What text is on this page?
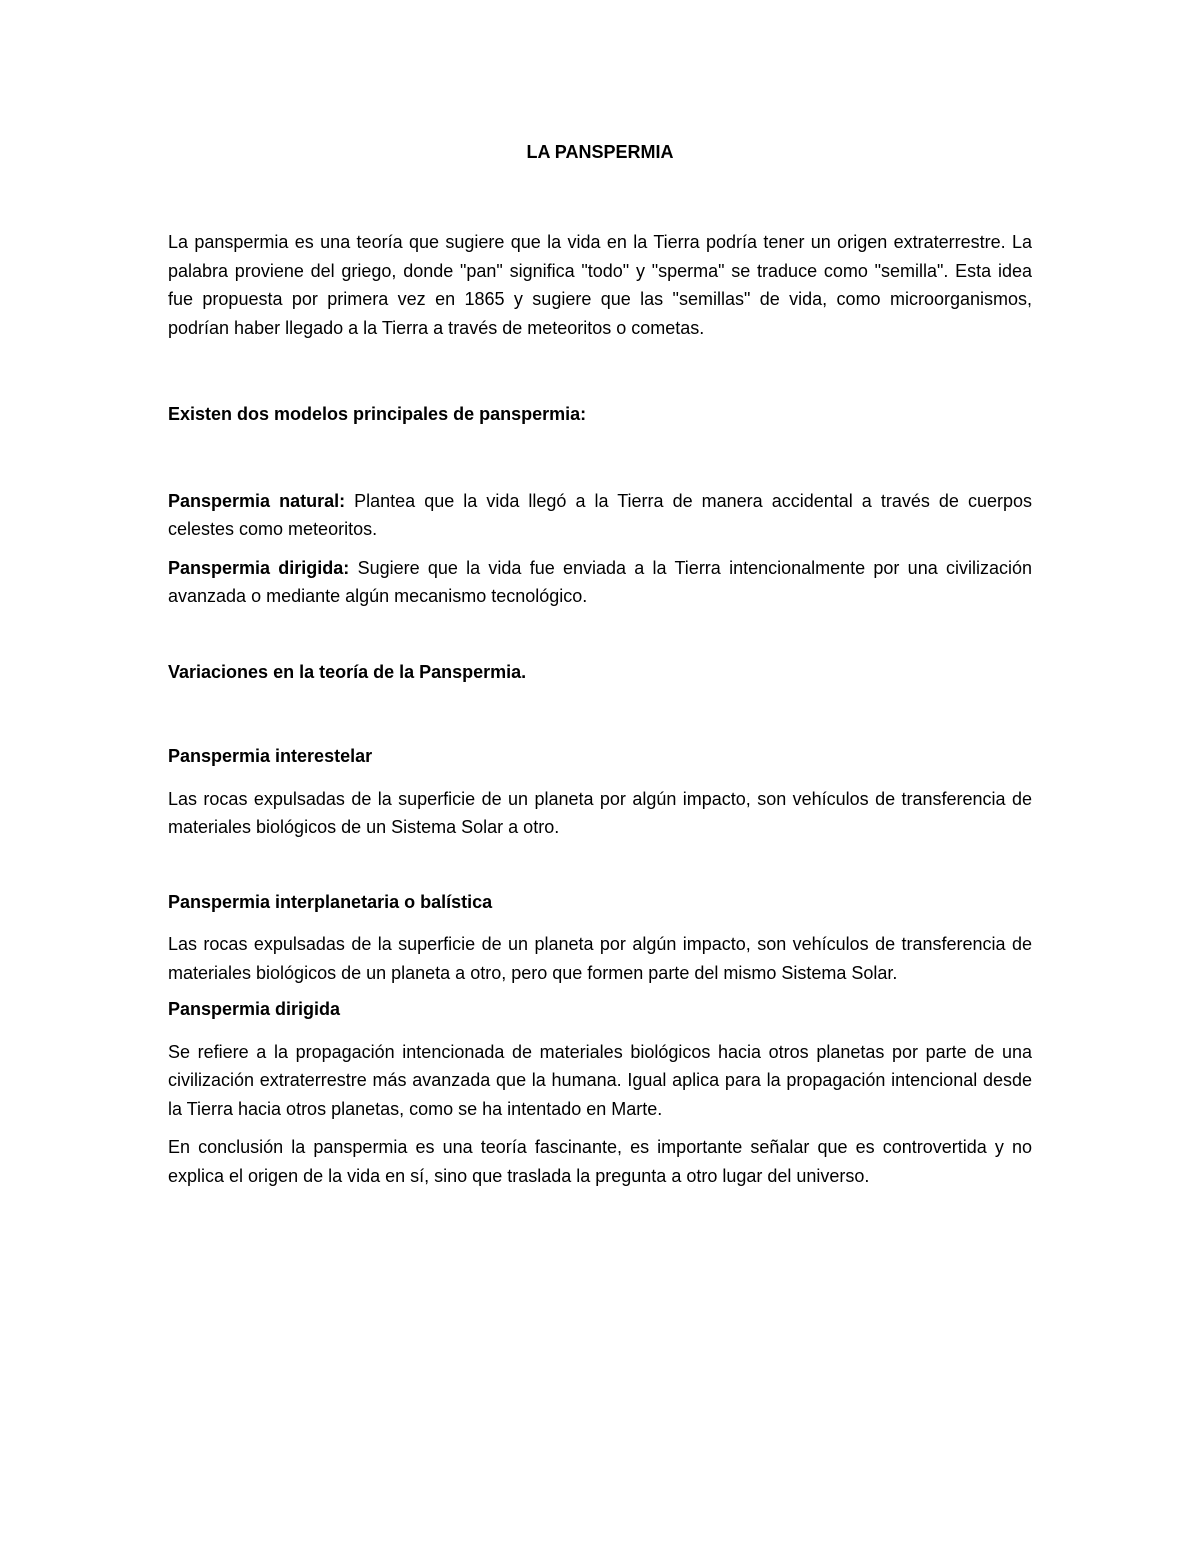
LA PANSPERMIA

La panspermia es una teoría que sugiere que la vida en la Tierra podría tener un origen extraterrestre. La palabra proviene del griego, donde "pan" significa "todo" y "sperma" se traduce como "semilla". Esta idea fue propuesta por primera vez en 1865 y sugiere que las "semillas" de vida, como microorganismos, podrían haber llegado a la Tierra a través de meteoritos o cometas.

Existen dos modelos principales de panspermia:

Panspermia natural: Plantea que la vida llegó a la Tierra de manera accidental a través de cuerpos celestes como meteoritos.

Panspermia dirigida: Sugiere que la vida fue enviada a la Tierra intencionalmente por una civilización avanzada o mediante algún mecanismo tecnológico.

Variaciones en la teoría de la Panspermia.

Panspermia interestelar

Las rocas expulsadas de la superficie de un planeta por algún impacto, son vehículos de transferencia de materiales biológicos de un Sistema Solar a otro.

Panspermia interplanetaria o balística

Las rocas expulsadas de la superficie de un planeta por algún impacto, son vehículos de transferencia de materiales biológicos de un planeta a otro, pero que formen parte del mismo Sistema Solar.

Panspermia dirigida

Se refiere a la propagación intencionada de materiales biológicos hacia otros planetas por parte de una civilización extraterrestre más avanzada que la humana. Igual aplica para la propagación intencional desde la Tierra hacia otros planetas, como se ha intentado en Marte.

En conclusión la panspermia es una teoría fascinante, es importante señalar que es controvertida y no explica el origen de la vida en sí, sino que traslada la pregunta a otro lugar del universo.
